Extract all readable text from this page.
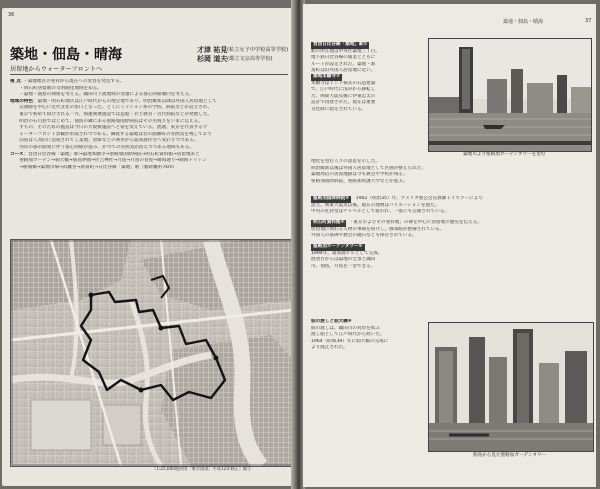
36
築地・佃島・晴海
居留地からウォーターフロントへ
才津 祐見 (私立女子中学校高等学校)
杉岡 道夫 (都立文京高等学校)

視 点：・築地地区の発祥から現在への変容を発見する。

　　・明石町居留地の文明開化地域を知る。

　　・築地・佃島の関係を考える。隅田川下流地域の変遷による都心回帰傾向を考える。

地域の特色：築地・明石町地区は江戸時代からの埋立地であり、明治維新以降は外国人居留地として

　　宣教師を中心に近代文化の窓口となった。とくにミッション系の学校、病院などが設立され、

　　東京で初めて紹介される一方、海運関連施設では造船・兵士教育・近代病院などが発展した。

　　明治の石川島ではじめて、佃島の隣にある聖路加国際病院はその名残りをいまに伝える。

　　すもの、そのための施設は今日の大規模施設へと姿を変えている。流通、東京を代表するウ

　　ォーターフロント景観が形成されつつある。隣接する築地は昔の漁師町の雰囲気を残しており

　　旧島は人為的に造成されて工業地、倉庫などの利用から超高層住宅へ変わりつつある。

　　河岸の都市開発に伴う都心回帰が進み、かつての雰囲気が消えつつある地域もある。

コース：営団日比谷線「築地」駅→築地本願寺→聖路加国際病院→明石町資料館→居留地あと

　　聖路加ガーデン→佃大橋→佃島界隈→住吉神社→月島→月島の長屋→晴海通り→晴海トリトン

　　→勝鬨橋→築地市場→浜離宮→新富町→日比谷線「築地」駅（総距離約7km）

（1:25,000地形図「東京南部」平成12年修正）縮小
築地・佃島・晴海	37

営団日比谷線「築地」駅①

駅の所在地は中央区築地三丁目。

地下鉄日比谷線の開業とともに

ルートが設定された。築地・新

富町は旧外国人居留地に近い。

築地本願寺②

本願寺はインド様式の石造建築

で、江戸時代に浅草から移転し

た。関東大震災後に伊東忠太の

設計で再建された。現在は重要

文化財に指定されている。

築地川より聖路加ガーデンタワーを望む

地化を望む人々の意思を示した。

明治維新以後は外国人居留地として区画が整えられた。

築地周辺の居留地跡は今も教会や学校が残る。

聖路加国際病院、聖路加看護大学などが並ぶ。

聖路加国際病院③　 1902（明治35）年、アメリカ聖公会宣教師トイスラーにより

設立。関東大震災以後、現在の建物はバリエーションを経た。

中央の礼拝堂はチャペルとして使われ、一般にも公開されている。

明石町資料館④　 「東京およびその発祥地」の碑を中心に居留地の歴史を伝える。

居留地に関わる人物の事績を紹介し、散策路が整備されている。

外国人の墓碑や教会の礎石なども保存されている。

聖路加ガーデンタワー⑤

1994年、超高層ビルとして完成。

展望台からは築地の全景と隅田

川、佃島、月島を一望できる。

佃の渡しと佃大橋⑥

佃の渡しは、隅田川の対岸を結ぶ

渡し船として江戸時代から続いた。

1964（昭和39）年に佃大橋の完成に

より廃止された。

佃島から見た聖路加ガーデンタワー
